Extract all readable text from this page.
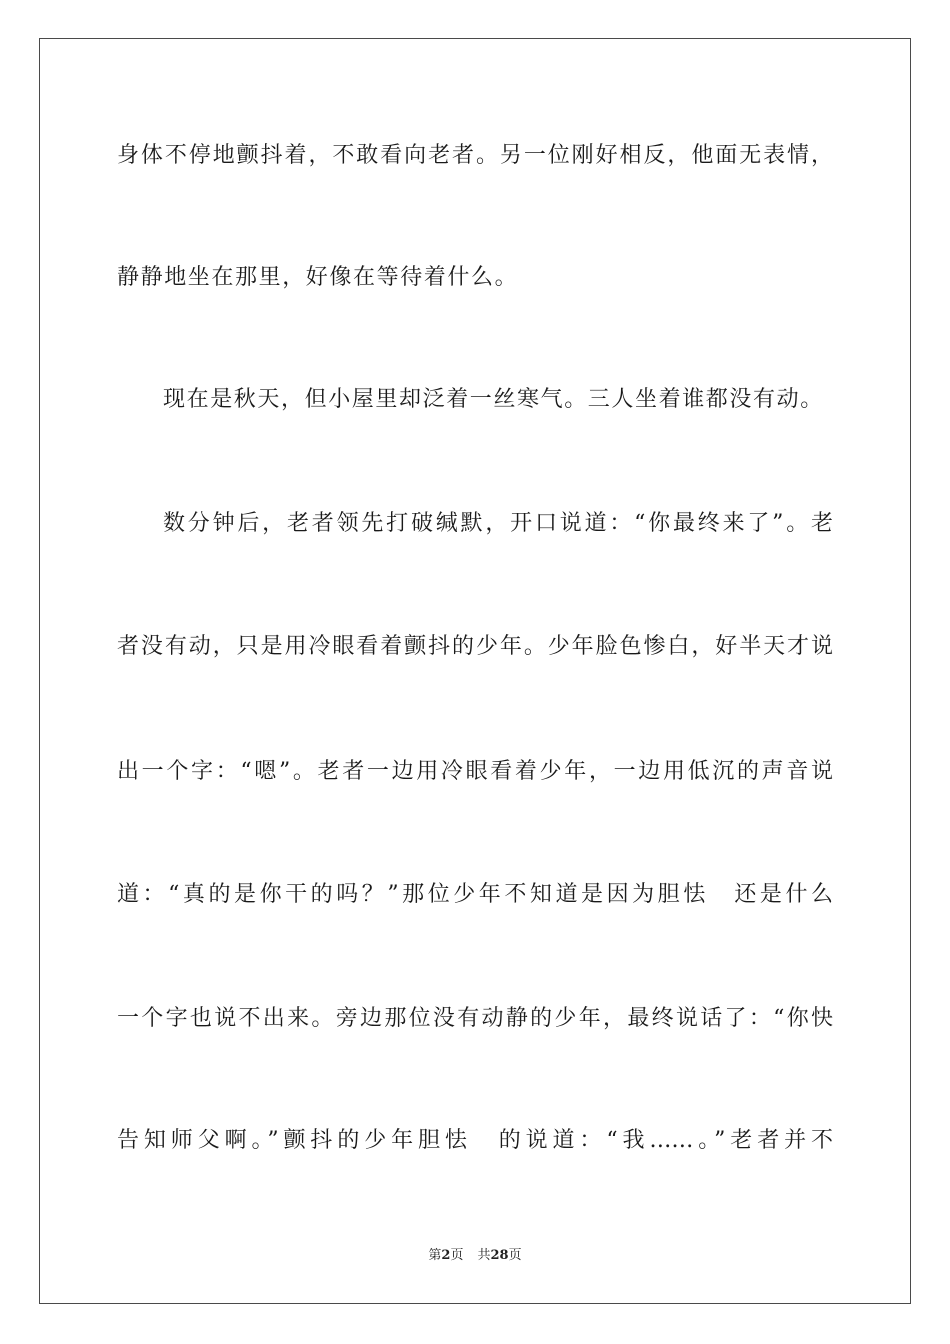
身体不停地颤抖着，不敢看向老者。另一位刚好相反，他面无表情，
静静地坐在那里，好像在等待着什么。
现在是秋天，但小屋里却泛着一丝寒气。三人坐着谁都没有动。
数分钟后，老者领先打破缄默，开口说道：“你最终来了”。老
者没有动，只是用冷眼看着颤抖的少年。少年脸色惨白，好半天才说
出一个字：“嗯”。老者一边用冷眼看着少年，一边用低沉的声音说
道：“真的是你干的吗？”那位少年不知道是因为胆怯　还是什么
一个字也说不出来。旁边那位没有动静的少年，最终说话了：“你快
告知师父啊。”颤抖的少年胆怯　的说道：“我……。”老者并不
第2页 共28页
